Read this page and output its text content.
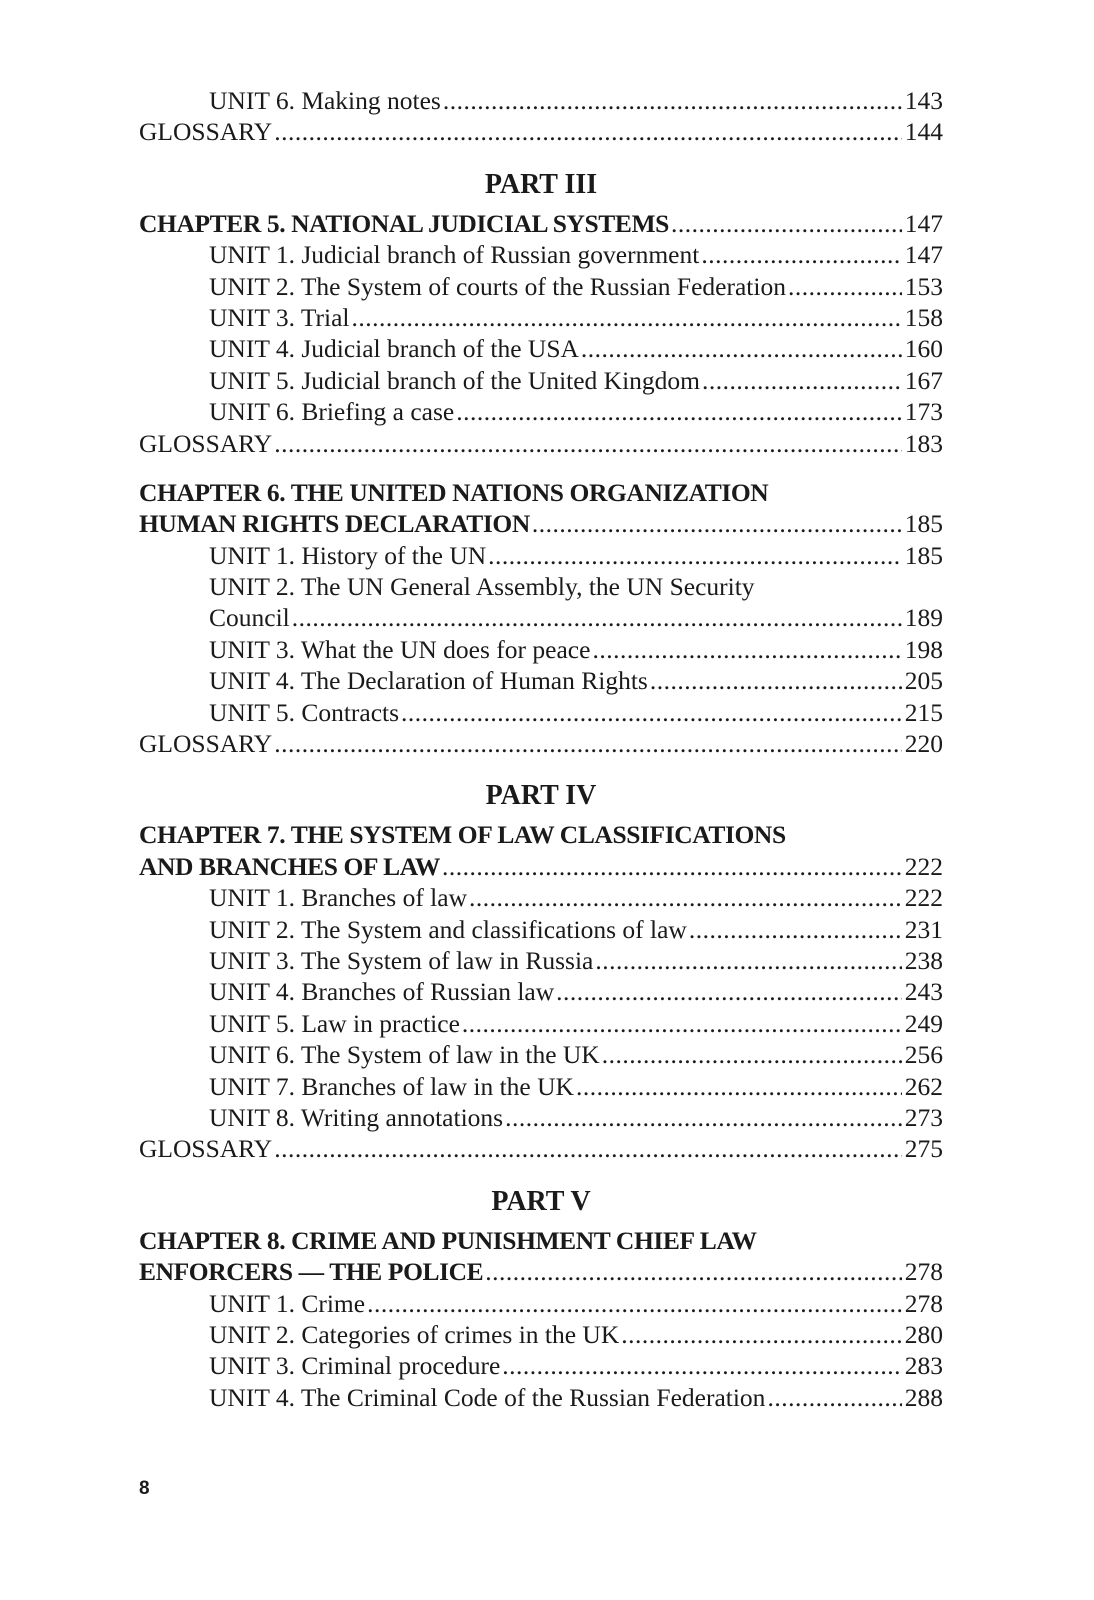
UNIT 6. Making notes .....	143
GLOSSARY .....	144
PART III
CHAPTER 5. NATIONAL JUDICIAL SYSTEMS .....	147
UNIT 1. Judicial branch of Russian government .....	147
UNIT 2. The System of courts of the Russian Federation .....	153
UNIT 3. Trial .....	158
UNIT 4. Judicial branch of the USA .....	160
UNIT 5. Judicial branch of the United Kingdom .....	167
UNIT 6. Briefing a case .....	173
GLOSSARY .....	183
CHAPTER 6. THE UNITED NATIONS ORGANIZATION
HUMAN RIGHTS DECLARATION .....	185
UNIT 1. History of the UN .....	185
UNIT 2. The UN General Assembly, the UN Security
Council .....	189
UNIT 3. What the UN does for peace .....	198
UNIT 4. The Declaration of Human Rights .....	205
UNIT 5. Contracts .....	215
GLOSSARY .....	220
PART IV
CHAPTER 7. THE SYSTEM OF LAW CLASSIFICATIONS
AND BRANCHES OF LAW .....	222
UNIT 1. Branches of law .....	222
UNIT 2. The System and classifications of law .....	231
UNIT 3. The System of law in Russia .....	238
UNIT 4. Branches of Russian law .....	243
UNIT 5. Law in practice .....	249
UNIT 6. The System of law in the UK .....	256
UNIT 7. Branches of law in the UK .....	262
UNIT 8. Writing annotations .....	273
GLOSSARY .....	275
PART V
CHAPTER 8. CRIME AND PUNISHMENT CHIEF LAW
ENFORCERS — THE POLICE .....	278
UNIT 1. Crime .....	278
UNIT 2. Categories of crimes in the UK .....	280
UNIT 3. Criminal procedure .....	283
UNIT 4. The Criminal Code of the Russian Federation .....	288
8
